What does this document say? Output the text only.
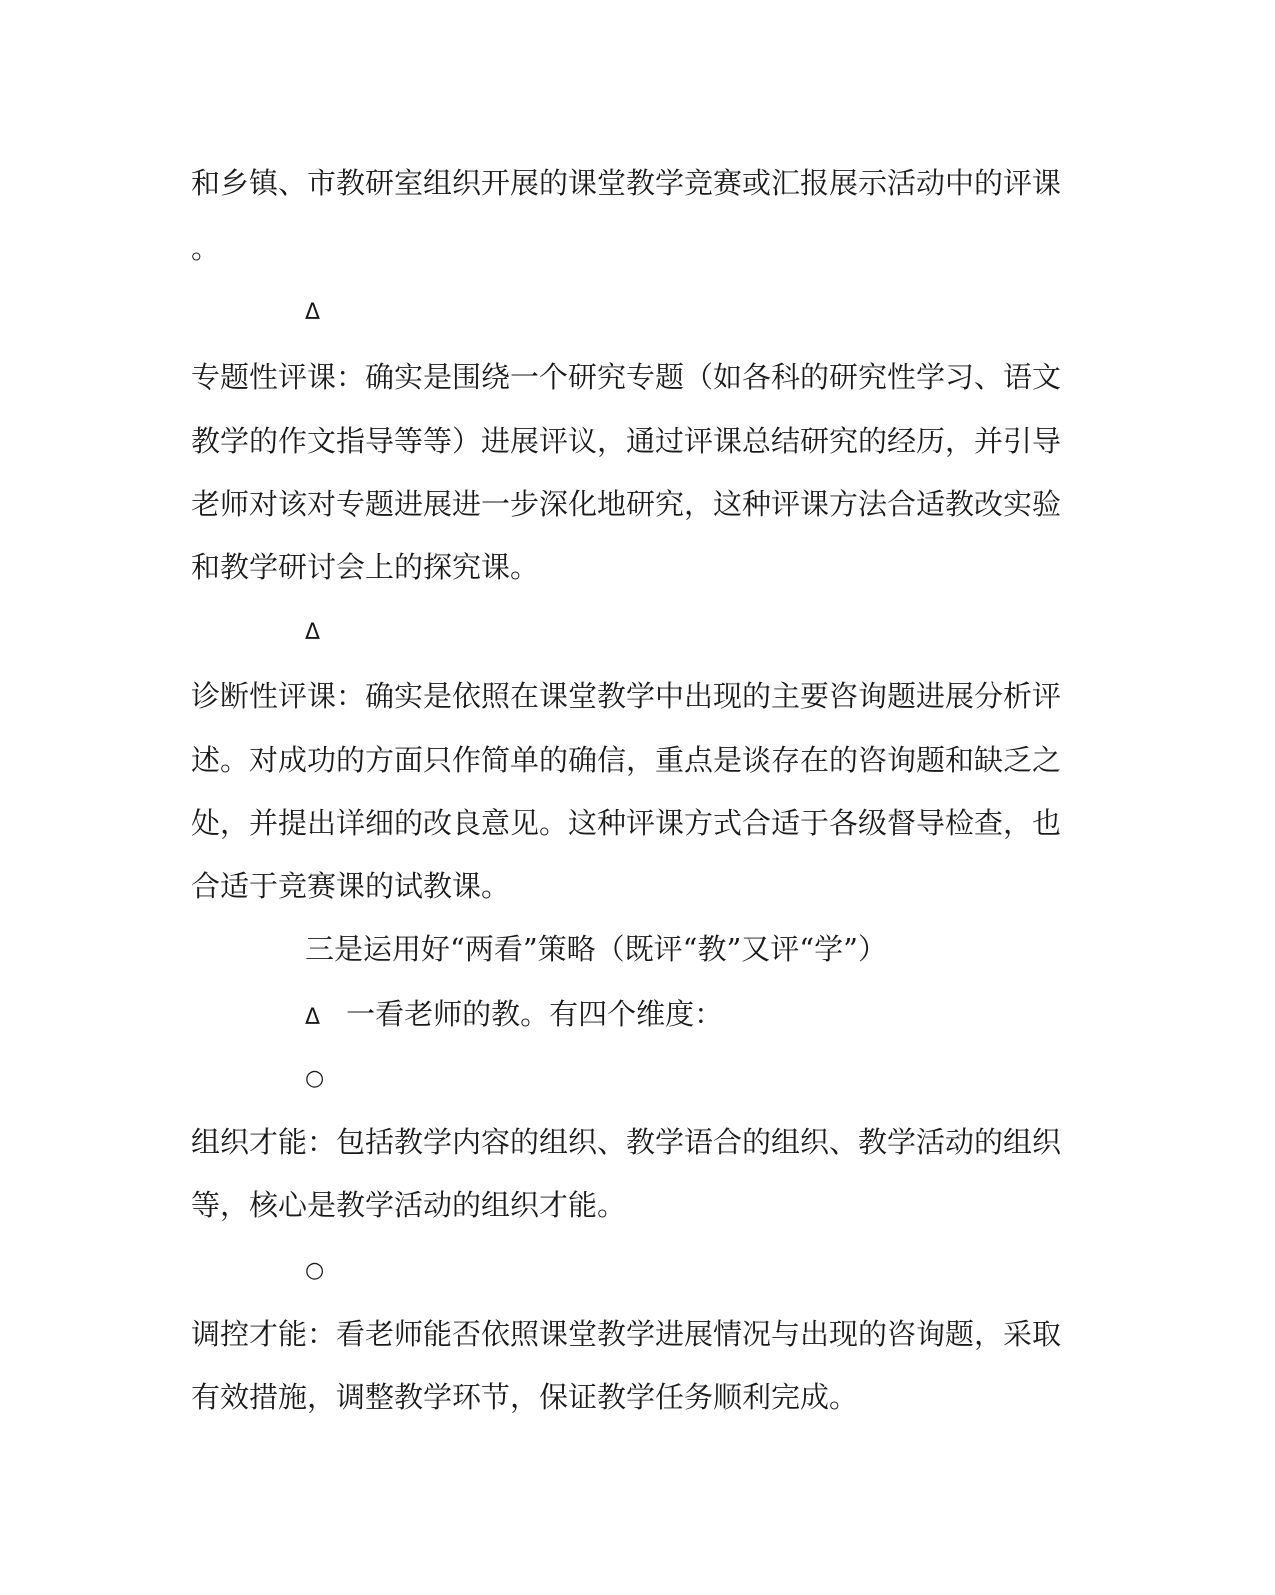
和乡镇、市教研室组织开展的课堂教学竞赛或汇报展示活动中的评课
。
Δ
专题性评课：确实是围绕一个研究专题（如各科的研究性学习、语文
教学的作文指导等等）进展评议，通过评课总结研究的经历，并引导
老师对该对专题进展进一步深化地研究，这种评课方法合适教改实验
和教学研讨会上的探究课。
Δ
诊断性评课：确实是依照在课堂教学中出现的主要咨询题进展分析评
述。对成功的方面只作简单的确信，重点是谈存在的咨询题和缺乏之
处，并提出详细的改良意见。这种评课方式合适于各级督导检查，也
合适于竞赛课的试教课。
三是运用好“两看”策略（既评“教”又评“学”）
Δ 一看老师的教。有四个维度：
○
组织才能：包括教学内容的组织、教学语合的组织、教学活动的组织
等，核心是教学活动的组织才能。
○
调控才能：看老师能否依照课堂教学进展情况与出现的咨询题，采取
有效措施，调整教学环节，保证教学任务顺利完成。
